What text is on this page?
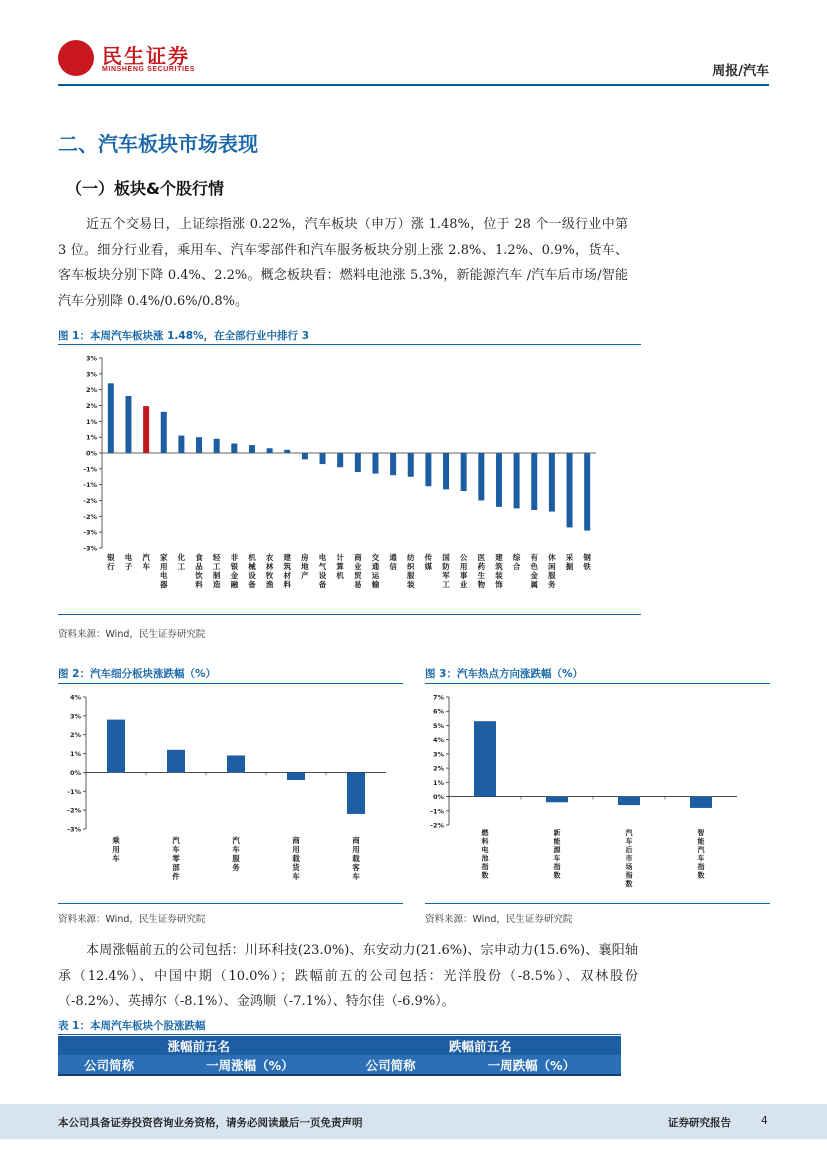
民生证券
MINSHENG SECURITIES	周报/汽车
二、汽车板块市场表现
（一）板块&个股行情
近五个交易日，上证综指涨 0.22%，汽车板块（申万）涨 1.48%，位于 28 个一级行业中第 3 位。细分行业看，乘用车、汽车零部件和汽车服务板块分别上涨 2.8%、1.2%、0.9%，货车、客车板块分别下降 0.4%、2.2%。概念板块看：燃料电池涨 5.3%，新能源汽车 /汽车后市场/智能汽车分别降 0.4%/0.6%/0.8%。
图 1：本周汽车板块涨 1.48%，在全部行业中排行 3
3%
3%
2%
2%
1%
1%
0%
-1%
-1%
-2%
-2%
-3%
-3%
银行
电子
汽车
家用电器
化工
食品饮料
轻工制造
非银金融
机械设备
农林牧渔
建筑材料
房地产
电气设备
计算机
商业贸易
交通运输
通信
纺织服装
传媒
国防军工
公用事业
医药生物
建筑装饰
综合
有色金属
休闲服务
采掘
钢铁
资料来源：Wind，民生证券研究院
图 2：汽车细分板块涨跌幅（%）
4%
3%
2%
1%
0%
-1%
-2%
-3%
乘用车
汽车零部件
汽车服务
商用载货车
商用载客车
资料来源：Wind，民生证券研究院
图 3：汽车热点方向涨跌幅（%）
7%
6%
5%
4%
3%
2%
1%
0%
-1%
-2%
燃料电池指数
新能源车指数
汽车后市场指数
智能汽车指数
资料来源：Wind，民生证券研究院
本周涨幅前五的公司包括：川环科技(23.0%)、东安动力(21.6%)、宗申动力(15.6%)、襄阳轴承（12.4%）、中国中期（10.0%）；跌幅前五的公司包括：光洋股份（-8.5%）、双林股份（-8.2%）、英搏尔（-8.1%）、金鸿顺（-7.1%）、特尔佳（-6.9%）。
表 1：本周汽车板块个股涨跌幅
涨幅前五名		跌幅前五名	
公司简称	一周涨幅（%）	公司简称	一周跌幅（%）
本公司具备证券投资咨询业务资格，请务必阅读最后一页免责声明	证券研究报告	4
